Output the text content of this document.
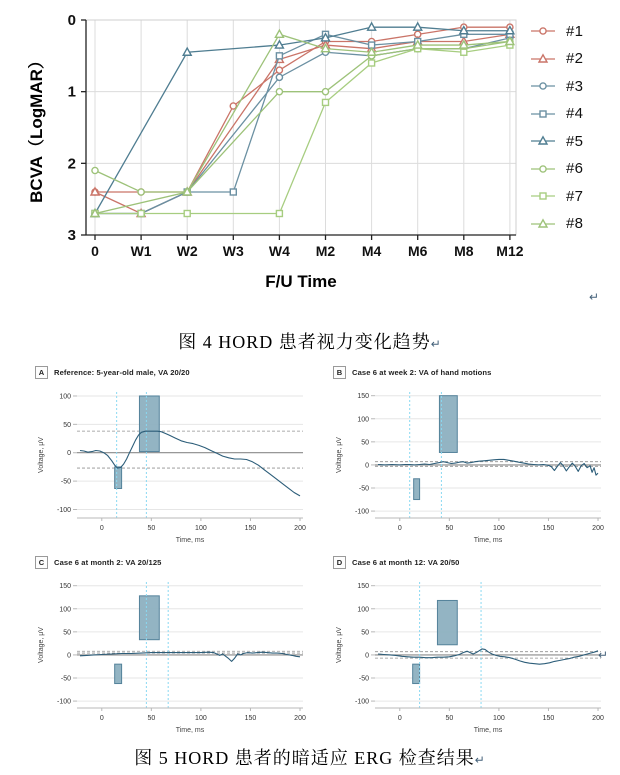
0
1
2
3
0 W1 W2 W3 W4 M2 M4 M6 M8 M12
BCVA（LogMAR）
F/U Time
#1
#2
#3
#4
#5
#6
#7
#8
↵
图 4 HORD 患者视力变化趋势↵
A	Reference: 5-year-old male, VA 20/20
-100
-50
0
50
100
0	50	100	150	200
Voltage, μV
Time, ms
B	Case 6 at week 2: VA of hand motions
-100
-50
0
50
100
150
0	50	100	150	200
Voltage, μV
Time, ms
C	Case 6 at month 2: VA 20/125
-100
-50
0
50
100
150
0	50	100	150	200
Voltage, μV
Time, ms
D	Case 6 at month 12: VA 20/50
-100
-50
0
50
100
150
0	50	100	150	200
Voltage, μV
Time, ms
↵
图 5 HORD 患者的暗适应 ERG 检查结果↵
